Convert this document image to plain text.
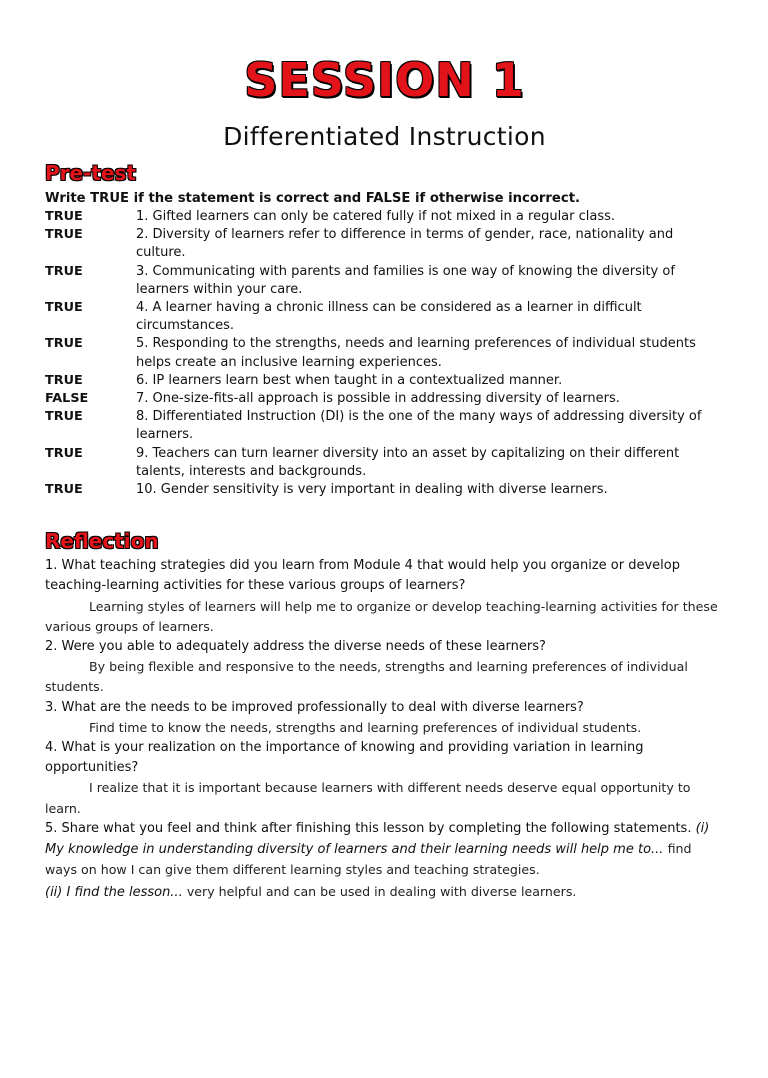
SESSION 1
Differentiated Instruction
Pre-test
Write TRUE if the statement is correct and FALSE if otherwise incorrect.
TRUE	1. Gifted learners can only be catered fully if not mixed in a regular class.
TRUE	2. Diversity of learners refer to difference in terms of gender, race, nationality and culture.
TRUE	3. Communicating with parents and families is one way of knowing the diversity of learners within your care.
TRUE	4. A learner having a chronic illness can be considered as a learner in difficult circumstances.
TRUE	5. Responding to the strengths, needs and learning preferences of individual students helps create an inclusive learning experiences.
TRUE	6. IP learners learn best when taught in a contextualized manner.
FALSE	7. One-size-fits-all approach is possible in addressing diversity of learners.
TRUE	8. Differentiated Instruction (DI) is the one of the many ways of addressing diversity of learners.
TRUE	9. Teachers can turn learner diversity into an asset by capitalizing on their different talents, interests and backgrounds.
TRUE	10. Gender sensitivity is very important in dealing with diverse learners.
Reflection

1. What teaching strategies did you learn from Module 4 that would help you organize or develop teaching-learning activities for these various groups of learners?

Learning styles of learners will help me to organize or develop teaching-learning activities for these various groups of learners.

2. Were you able to adequately address the diverse needs of these learners?

By being flexible and responsive to the needs, strengths and learning preferences of individual students.

3. What are the needs to be improved professionally to deal with diverse learners?

Find time to know the needs, strengths and learning preferences of individual students.

4. What is your realization on the importance of knowing and providing variation in learning opportunities?

I realize that it is important because learners with different needs deserve equal opportunity to learn.

5. Share what you feel and think after finishing this lesson by completing the following statements. (i) My knowledge in understanding diversity of learners and their learning needs will help me to... find ways on how I can give them different learning styles and teaching strategies.

(ii) I find the lesson... very helpful and can be used in dealing with diverse learners.
